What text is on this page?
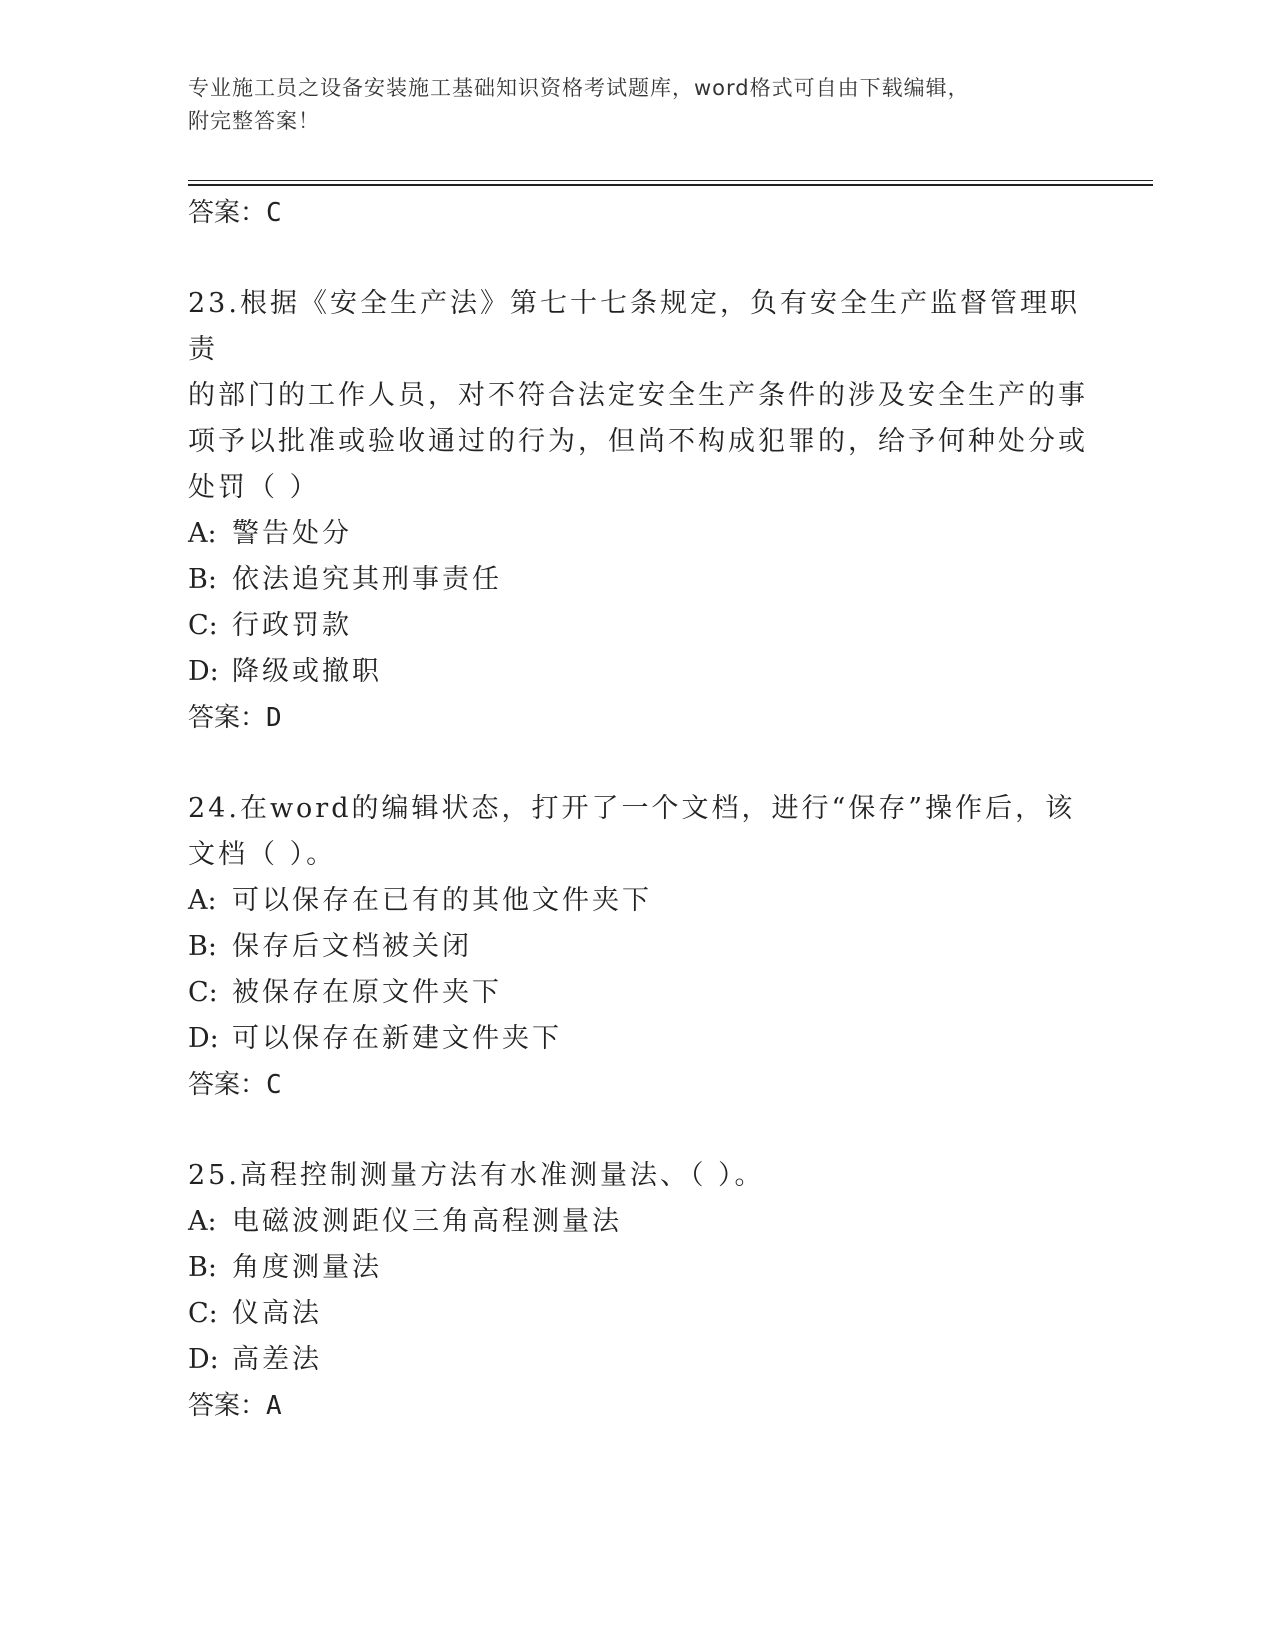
专业施工员之设备安装施工基础知识资格考试题库，word格式可自由下载编辑，
附完整答案！
答案：C
23.根据《安全生产法》第七十七条规定，负有安全生产监督管理职责
的部门的工作人员，对不符合法定安全生产条件的涉及安全生产的事
项予以批准或验收通过的行为，但尚不构成犯罪的，给予何种处分或
处罚（ ）
A: 警告处分
B: 依法追究其刑事责任
C: 行政罚款
D: 降级或撤职
答案：D
24.在word的编辑状态，打开了一个文档，进行“保存”操作后，该
文档（ ）。
A: 可以保存在已有的其他文件夹下
B: 保存后文档被关闭
C: 被保存在原文件夹下
D: 可以保存在新建文件夹下
答案：C
25.高程控制测量方法有水准测量法、（ ）。
A: 电磁波测距仪三角高程测量法
B: 角度测量法
C: 仪高法
D: 高差法
答案：A
